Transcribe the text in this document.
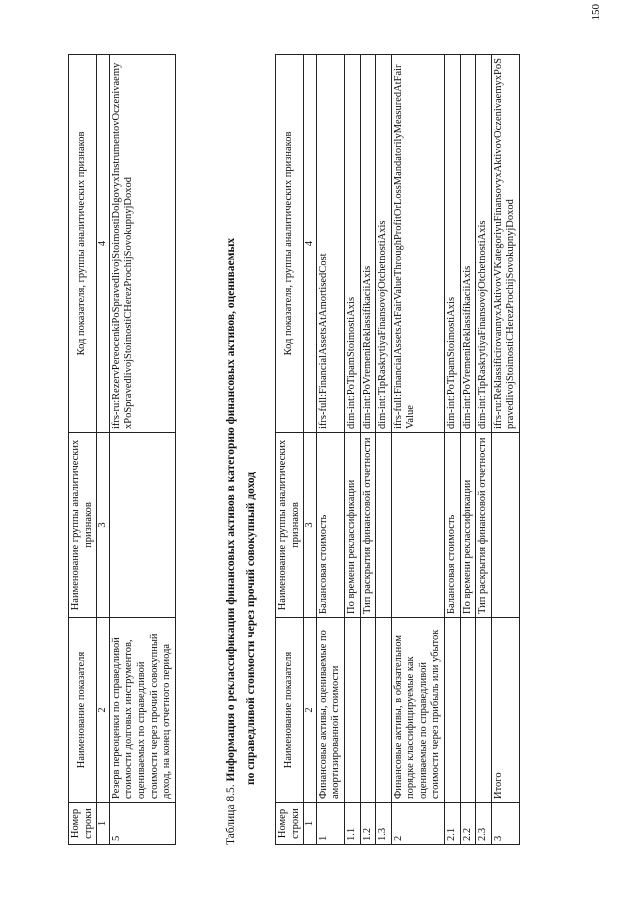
Номер строки	Наименование показателя	Наименование группы аналитических признаков	Код показателя, группы аналитических признаков
1	2	3	4
5	Резерв переоценки по справедливой стоимости долговых инструментов, оцениваемых по справедливой стоимости через прочий совокупный доход, на конец отчетного периода		ifrs-ru:RezervPereocenkiPoSpravedlivojStoimostiDolgovyxInstrumentovOczenivaemyxPoSpravedlivojStoimostiCHerezProchijSovokupnyjDoxod
Таблица 8.5. Информация о реклассификации финансовых активов в категорию финансовых активов, оцениваемых по справедливой стоимости через прочий совокупный доход
Номер строки	Наименование показателя	Наименование группы аналитических признаков	Код показателя, группы аналитических признаков
1	2	3	4
1	Финансовые активы, оцениваемые по амортизированной стоимости	Балансовая стоимость	ifrs-full:FinancialAssetsAtAmortisedCost
1.1		По времени реклассификации	dim-int:PoTipamStoimostiAxis
1.2		Тип раскрытия финансовой отчетности	dim-int:PoVremeniReklassifikaciiAxis
1.3			dim-int:TipRaskrytiyaFinansovojOtchetnostiAxis
2	Финансовые активы, в обязательном порядке классифицируемые как оцениваемые по справедливой стоимости через прибыль или убыток		ifrs-full:FinancialAssetsAtFairValueThroughProfitOrLossMandatorilyMeasuredAtFairValue
2.1		Балансовая стоимость	dim-int:PoTipamStoimostiAxis
2.2		По времени реклассификации	dim-int:PoVremeniReklassifikaciiAxis
2.3		Тип раскрытия финансовой отчетности	dim-int:TipRaskrytiyaFinansovojOtchetnostiAxis
3	Итого		ifrs-ru:ReklassificirovannyxAktivovVKategoriyuFinansovyxAktivovOczenivaemyxPoSpravedlivojStoimostiCHerezProchijSovokupnyjDoxod
150
